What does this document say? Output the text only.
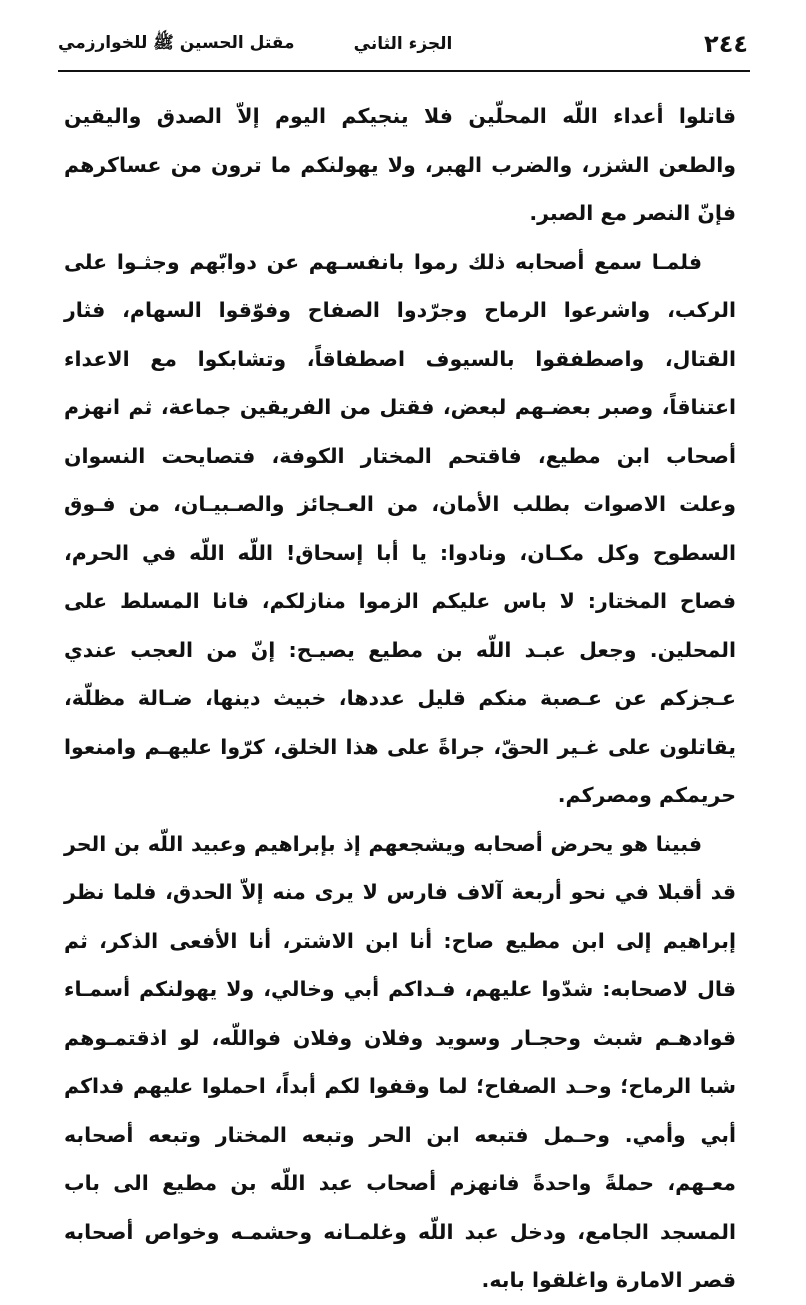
٢٤٤
الجزء الثاني
مقتل الحسين ﷺ للخوارزمي

قاتلوا أعداء اللّه المحلّين فلا ينجيكم اليوم إلاّ الصدق واليقين والطعن الشزر، والضرب الهبر، ولا يهولنكم ما ترون من عساكرهم فإنّ النصر مع الصبر.

فلمـا سمع أصحابه ذلك رموا بانفسـهم عن دوابّهم وجثـوا على الركب، واشرعوا الرماح وجرّدوا الصفاح وفوّقوا السهام، فثار القتال، واصطفقوا بالسيوف اصطفاقاً، وتشابكوا مع الاعداء اعتناقاً، وصبر بعضـهم لبعض، فقتل من الفريقين جماعة، ثم انهزم أصحاب ابن مطيع، فاقتحم المختار الكوفة، فتصايحت النسوان وعلت الاصوات بطلب الأمان، من العـجائز والصـبيـان، من فـوق السطوح وكل مكـان، ونادوا: يا أبا إسحاق! اللّه اللّه في الحرم، فصاح المختار: لا باس عليكم الزموا منازلكم، فانا المسلط على المحلين. وجعل عبـد اللّه بن مطيع يصيـح: إنّ من العجب عندي عـجزكم عن عـصبة منكم قليل عددها، خبيث دينها، ضـالة مظلّة، يقاتلون على غـير الحقّ، جراةً على هذا الخلق، كرّوا عليهـم وامنعوا حريمكم ومصركم.

فبينا هو يحرض أصحابه ويشجعهم إذ بإبراهيم وعبيد اللّه بن الحر قد أقبلا في نحو أربعة آلاف فارس لا يرى منه إلاّ الحدق، فلما نظر إبراهيم إلى ابن مطيع صاح: أنا ابن الاشتر، أنا الأفعى الذكر، ثم قال لاصحابه: شدّوا عليهم، فـداكم أبي وخالي، ولا يهولنكم أسمـاء قوادهـم شبث وحجـار وسويد وفلان وفلان فواللّه، لو اذقتمـوهم شبا الرماح؛ وحـد الصفاح؛ لما وقفوا لكم أبداً، احملوا عليهم فداكم أبي وأمي. وحـمل فتبعه ابن الحر وتبعه المختار وتبعه أصحابه معـهم، حملةً واحدةً فانهزم أصحاب عبد اللّه بن مطيع الى باب المسجد الجامع، ودخل عبد اللّه وغلمـانه وحشمـه وخواص أصحابه قصر الامارة واغلقوا بابه.
